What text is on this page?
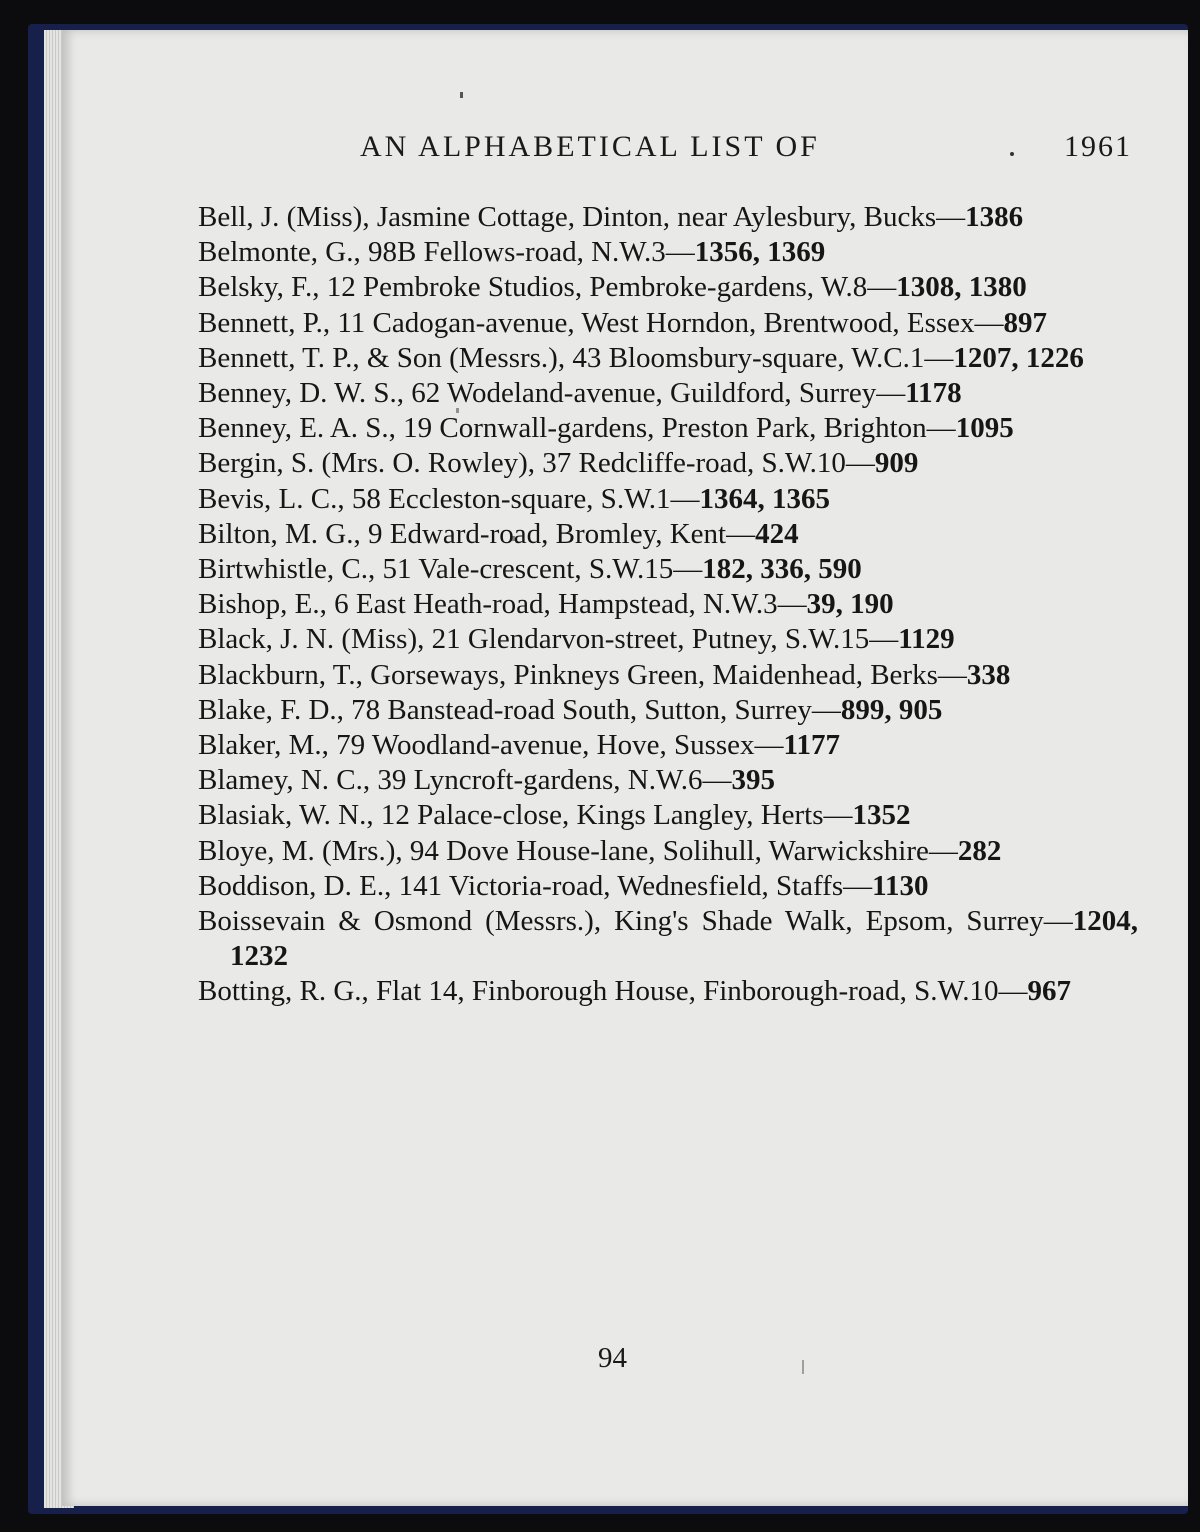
AN ALPHABETICAL LIST OF	1961
Bell, J. (Miss), Jasmine Cottage, Dinton, near Aylesbury, Bucks—1386
Belmonte, G., 98B Fellows-road, N.W.3—1356, 1369
Belsky, F., 12 Pembroke Studios, Pembroke-gardens, W.8—1308, 1380
Bennett, P., 11 Cadogan-avenue, West Horndon, Brentwood, Essex—897
Bennett, T. P., & Son (Messrs.), 43 Bloomsbury-square, W.C.1—1207, 1226
Benney, D. W. S., 62 Wodeland-avenue, Guildford, Surrey—1178
Benney, E. A. S., 19 Cornwall-gardens, Preston Park, Brighton—1095
Bergin, S. (Mrs. O. Rowley), 37 Redcliffe-road, S.W.10—909
Bevis, L. C., 58 Eccleston-square, S.W.1—1364, 1365
Bilton, M. G., 9 Edward-road, Bromley, Kent—424
Birtwhistle, C., 51 Vale-crescent, S.W.15—182, 336, 590
Bishop, E., 6 East Heath-road, Hampstead, N.W.3—39, 190
Black, J. N. (Miss), 21 Glendarvon-street, Putney, S.W.15—1129
Blackburn, T., Gorseways, Pinkneys Green, Maidenhead, Berks—338
Blake, F. D., 78 Banstead-road South, Sutton, Surrey—899, 905
Blaker, M., 79 Woodland-avenue, Hove, Sussex—1177
Blamey, N. C., 39 Lyncroft-gardens, N.W.6—395
Blasiak, W. N., 12 Palace-close, Kings Langley, Herts—1352
Bloye, M. (Mrs.), 94 Dove House-lane, Solihull, Warwickshire—282
Boddison, D. E., 141 Victoria-road, Wednesfield, Staffs—1130
Boissevain & Osmond (Messrs.), King's Shade Walk, Epsom, Surrey—1204, 1232
Botting, R. G., Flat 14, Finborough House, Finborough-road, S.W.10—967
94
